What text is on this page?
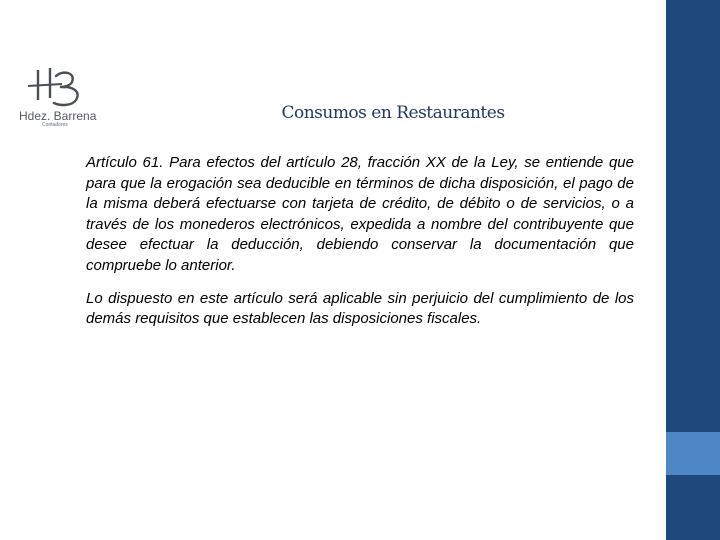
Hdez. Barrena
Contadores
Consumos en Restaurantes

Artículo 61. Para efectos del artículo 28, fracción XX de la Ley, se entiende que para que la erogación sea deducible en términos de dicha disposición, el pago de la misma deberá efectuarse con tarjeta de crédito, de débito o de servicios, o a través de los monederos electrónicos, expedida a nombre del contribuyente que desee efectuar la deducción, debiendo conservar la documentación que compruebe lo anterior.

Lo dispuesto en este artículo será aplicable sin perjuicio del cumplimiento de los demás requisitos que establecen las disposiciones fiscales.
